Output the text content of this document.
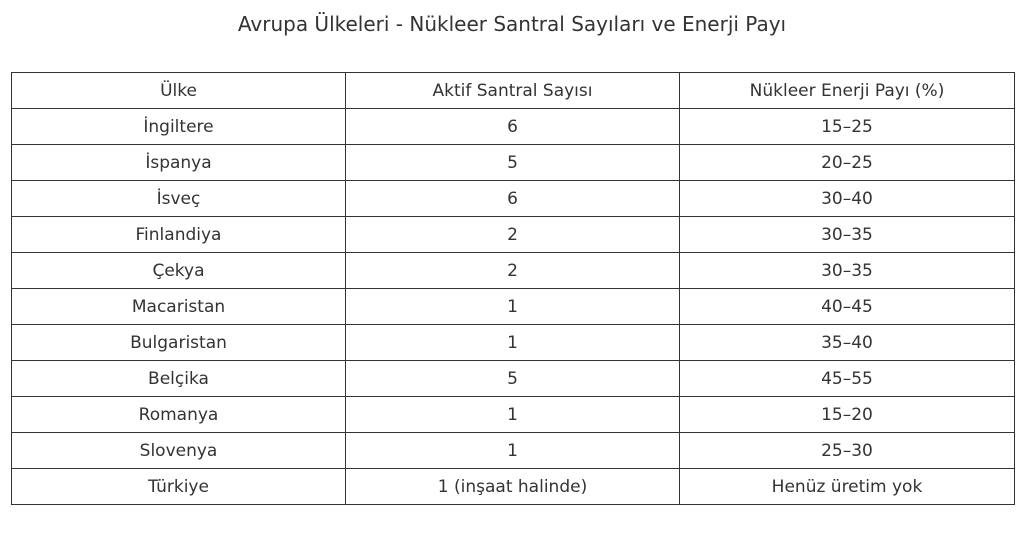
Avrupa Ülkeleri - Nükleer Santral Sayıları ve Enerji Payı
Ülke	Aktif Santral Sayısı	Nükleer Enerji Payı (%)
İngiltere	6	15–25
İspanya	5	20–25
İsveç	6	30–40
Finlandiya	2	30–35
Çekya	2	30–35
Macaristan	1	40–45
Bulgaristan	1	35–40
Belçika	5	45–55
Romanya	1	15–20
Slovenya	1	25–30
Türkiye	1 (inşaat halinde)	Henüz üretim yok
